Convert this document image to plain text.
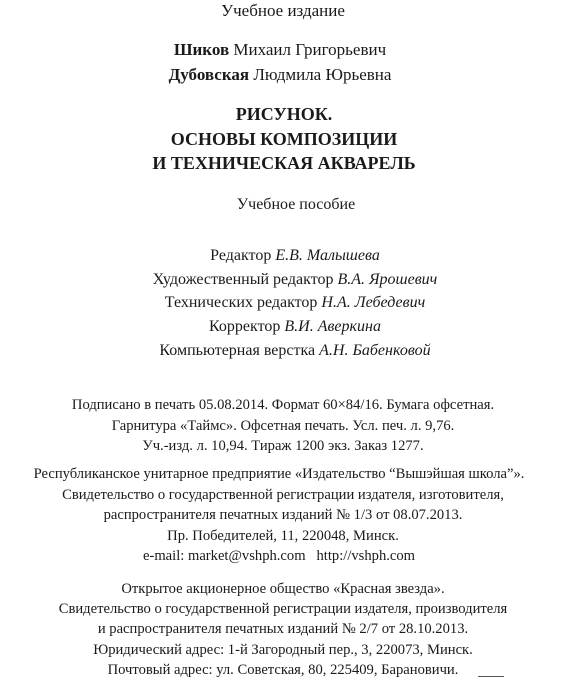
Учебное издание
Шиков Михаил Григорьевич
Дубовская Людмила Юрьевна
РИСУНОК.
ОСНОВЫ КОМПОЗИЦИИ
И ТЕХНИЧЕСКАЯ АКВАРЕЛЬ
Учебное пособие
Редактор Е.В. Малышева
Художественный редактор В.А. Ярошевич
Технических редактор Н.А. Лебедевич
Корректор В.И. Аверкина
Компьютерная верстка А.Н. Бабенковой
Подписано в печать 05.08.2014. Формат 60×84/16. Бумага офсетная.
Гарнитура «Таймс». Офсетная печать. Усл. печ. л. 9,76.
Уч.-изд. л. 10,94. Тираж 1200 экз. Заказ 1277.
Республиканское унитарное предприятие «Издательство “Вышэйшая школа”».
Свидетельство о государственной регистрации издателя, изготовителя,
распространителя печатных изданий № 1/3 от 08.07.2013.
Пр. Победителей, 11, 220048, Минск.
e-mail: market@vshph.com   http://vshph.com
Открытое акционерное общество «Красная звезда».
Свидетельство о государственной регистрации издателя, производителя
и распространителя печатных изданий № 2/7 от 28.10.2013.
Юридический адрес: 1-й Загородный пер., 3, 220073, Минск.
Почтовый адрес: ул. Советская, 80, 225409, Барановичи.
